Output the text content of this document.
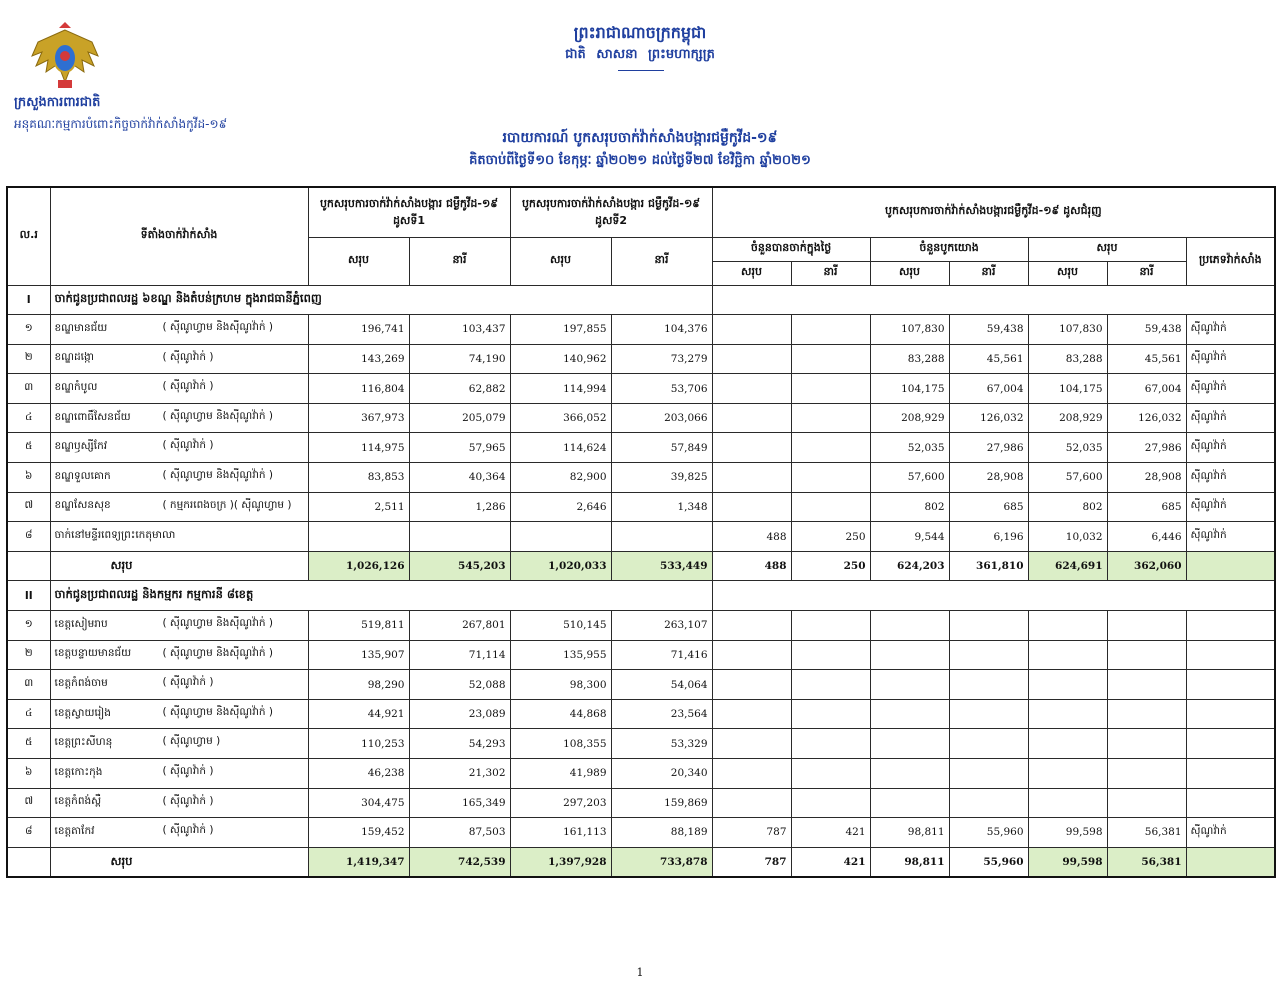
ក្រសួងការពារជាតិ
អនុគណៈកម្មការបំពោះកិច្ចចាក់វ៉ាក់សាំងកូវីដ-១៩
ព្រះរាជាណាចក្រកម្ពុជា
ជាតិ សាសនា ព្រះមហាក្សត្រ
របាយការណ៍ បូកសរុបចាក់វ៉ាក់សាំងបង្ការជម្ងឺកូវីដ-១៩
គិតចាប់ពីថ្ងៃទី១០ ខែកុម្ភៈ ឆ្នាំ២០២១ ដល់ថ្ងៃទី២៧ ខែវិច្ឆិកា ឆ្នាំ២០២១
ល.រ	ទីតាំងចាក់វ៉ាក់សាំង	បូកសរុបការចាក់វ៉ាក់សាំងបង្ការ ជម្ងឺកូវីដ-១៩ ដូសទី1		បូកសរុបការចាក់វ៉ាក់សាំងបង្ការ ជម្ងឺកូវីដ-១៩ ដូសទី2		បូកសរុបការចាក់វ៉ាក់សាំងបង្ការជម្ងឺកូវីដ-១៩ ដូសជំរុញ						
		សរុប	នារី	សរុប	នារី	ចំនួនបានចាក់ក្នុងថ្ងៃ		ចំនួនបូកយោង		សរុប		ប្រភេទវ៉ាក់សាំង
						សរុប	នារី	សរុប	នារី	សរុប	នារី	
I	ចាក់ជូនប្រជាពលរដ្ឋ ៦ខណ្ឌ និងតំបន់ក្រហម ក្នុងរាជធានីភ្នំពេញ											
១	ខណ្ឌមានជ័យ ( ស៊ីណូហ្វាម និងស៊ីណូវ៉ាក់ )	196,741	103,437	197,855	104,376			107,830	59,438	107,830	59,438	ស៊ីណូវ៉ាក់
២	ខណ្ឌដង្កោ ( ស៊ីណូវ៉ាក់ )	143,269	74,190	140,962	73,279			83,288	45,561	83,288	45,561	ស៊ីណូវ៉ាក់
៣	ខណ្ឌកំបូល ( ស៊ីណូវ៉ាក់ )	116,804	62,882	114,994	53,706			104,175	67,004	104,175	67,004	ស៊ីណូវ៉ាក់
៤	ខណ្ឌពោធិ៍សែនជ័យ ( ស៊ីណូហ្វាម និងស៊ីណូវ៉ាក់ )	367,973	205,079	366,052	203,066			208,929	126,032	208,929	126,032	ស៊ីណូវ៉ាក់
៥	ខណ្ឌឫស្សីកែវ ( ស៊ីណូវ៉ាក់ )	114,975	57,965	114,624	57,849			52,035	27,986	52,035	27,986	ស៊ីណូវ៉ាក់
៦	ខណ្ឌទួលគោក ( ស៊ីណូហ្វាម និងស៊ីណូវ៉ាក់ )	83,853	40,364	82,900	39,825			57,600	28,908	57,600	28,908	ស៊ីណូវ៉ាក់
៧	ខណ្ឌសែនសុខ ( កម្មករពេងចក្រ )( ស៊ីណូហ្វាម )	2,511	1,286	2,646	1,348			802	685	802	685	ស៊ីណូវ៉ាក់
៨	ចាក់នៅមន្ទីរពេទ្យព្រះកេតុមាលា					488	250	9,544	6,196	10,032	6,446	ស៊ីណូវ៉ាក់
	សរុប	1,026,126	545,203	1,020,033	533,449	488	250	624,203	361,810	624,691	362,060	
II	ចាក់ជូនប្រជាពលរដ្ឋ និងកម្មករ កម្មការនី ៨ខេត្ត											
១	ខេត្តសៀមរាប ( ស៊ីណូហ្វាម និងស៊ីណូវ៉ាក់ )	519,811	267,801	510,145	263,107							
២	ខេត្តបន្ទាយមានជ័យ ( ស៊ីណូហ្វាម និងស៊ីណូវ៉ាក់ )	135,907	71,114	135,955	71,416							
៣	ខេត្តកំពង់ចាម ( ស៊ីណូវ៉ាក់ )	98,290	52,088	98,300	54,064							
៤	ខេត្តស្វាយរៀង ( ស៊ីណូហ្វាម និងស៊ីណូវ៉ាក់ )	44,921	23,089	44,868	23,564							
៥	ខេត្តព្រះសីហនុ ( ស៊ីណូហ្វាម )	110,253	54,293	108,355	53,329							
៦	ខេត្តកោះកុង ( ស៊ីណូវ៉ាក់ )	46,238	21,302	41,989	20,340							
៧	ខេត្តកំពង់ស្ពឺ ( ស៊ីណូវ៉ាក់ )	304,475	165,349	297,203	159,869							
៨	ខេត្តតាកែវ ( ស៊ីណូវ៉ាក់ )	159,452	87,503	161,113	88,189	787	421	98,811	55,960	99,598	56,381	ស៊ីណូវ៉ាក់
	សរុប	1,419,347	742,539	1,397,928	733,878	787	421	98,811	55,960	99,598	56,381	
1
